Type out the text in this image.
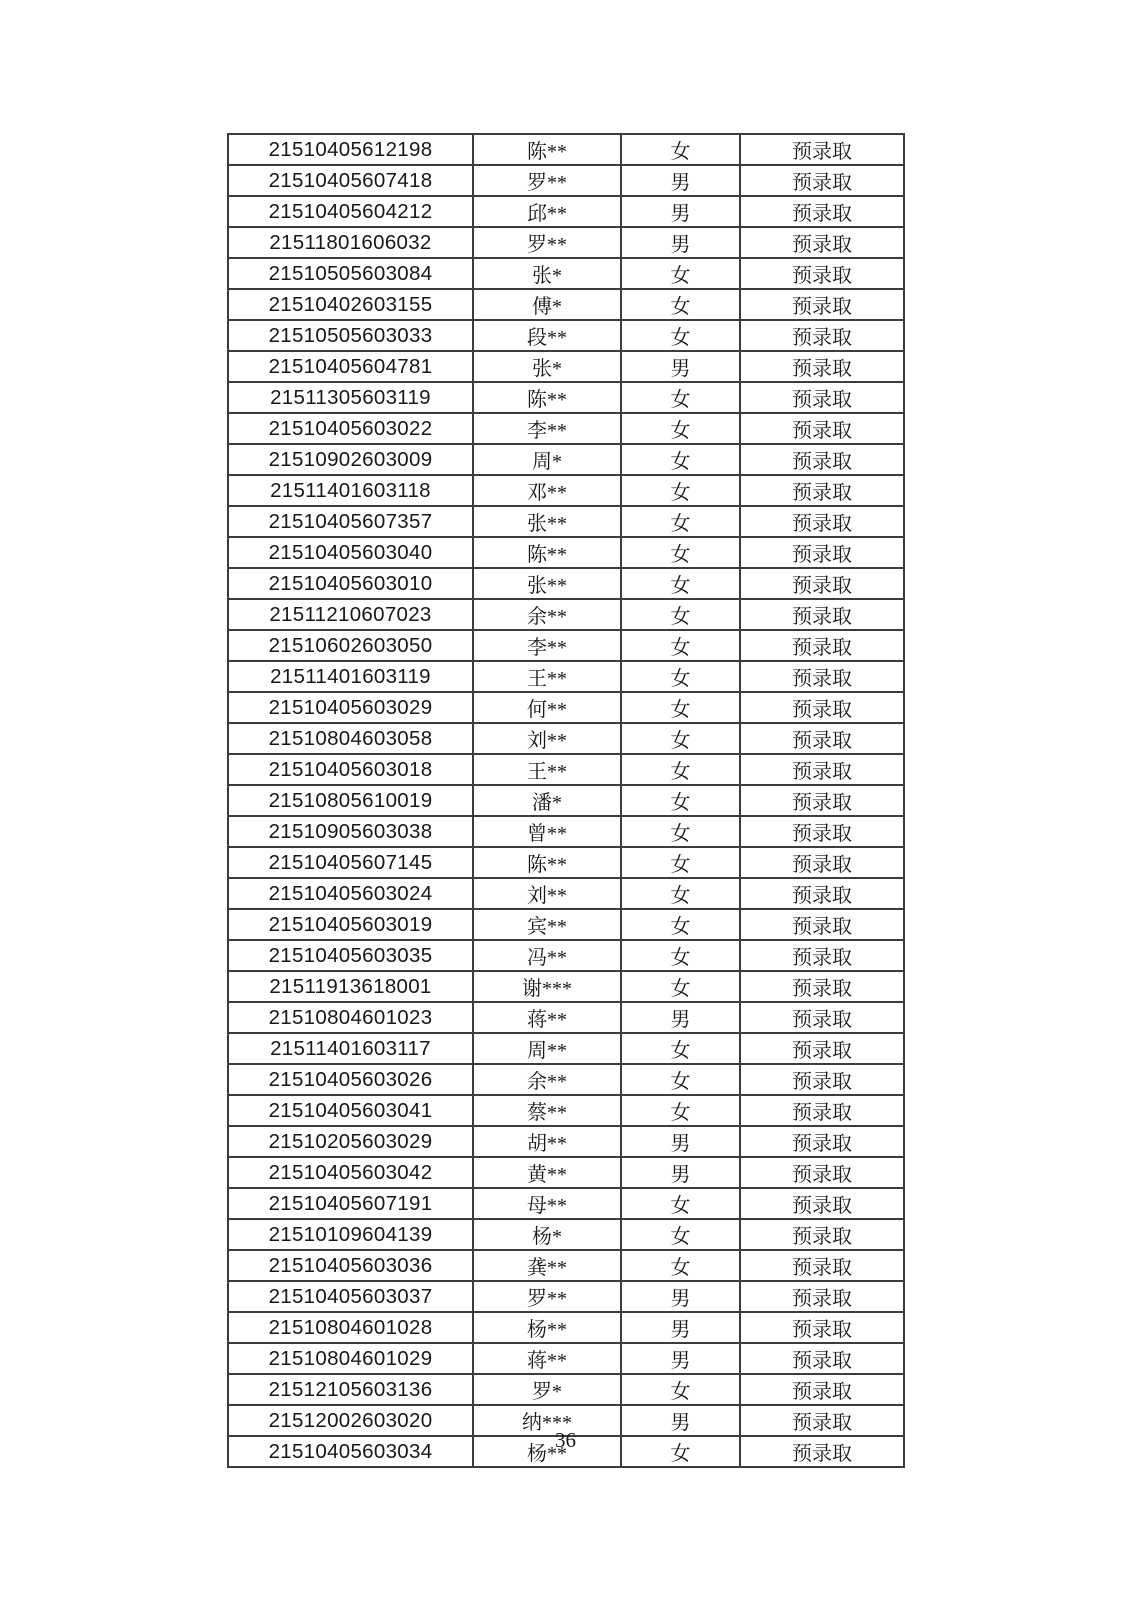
21510405612198	陈**	女	预录取
21510405607418	罗**	男	预录取
21510405604212	邱**	男	预录取
21511801606032	罗**	男	预录取
21510505603084	张*	女	预录取
21510402603155	傅*	女	预录取
21510505603033	段**	女	预录取
21510405604781	张*	男	预录取
21511305603119	陈**	女	预录取
21510405603022	李**	女	预录取
21510902603009	周*	女	预录取
21511401603118	邓**	女	预录取
21510405607357	张**	女	预录取
21510405603040	陈**	女	预录取
21510405603010	张**	女	预录取
21511210607023	余**	女	预录取
21510602603050	李**	女	预录取
21511401603119	王**	女	预录取
21510405603029	何**	女	预录取
21510804603058	刘**	女	预录取
21510405603018	王**	女	预录取
21510805610019	潘*	女	预录取
21510905603038	曾**	女	预录取
21510405607145	陈**	女	预录取
21510405603024	刘**	女	预录取
21510405603019	宾**	女	预录取
21510405603035	冯**	女	预录取
21511913618001	谢***	女	预录取
21510804601023	蒋**	男	预录取
21511401603117	周**	女	预录取
21510405603026	余**	女	预录取
21510405603041	蔡**	女	预录取
21510205603029	胡**	男	预录取
21510405603042	黄**	男	预录取
21510405607191	母**	女	预录取
21510109604139	杨*	女	预录取
21510405603036	龚**	女	预录取
21510405603037	罗**	男	预录取
21510804601028	杨**	男	预录取
21510804601029	蒋**	男	预录取
21512105603136	罗*	女	预录取
21512002603020	纳***	男	预录取
21510405603034	杨**	女	预录取
36
